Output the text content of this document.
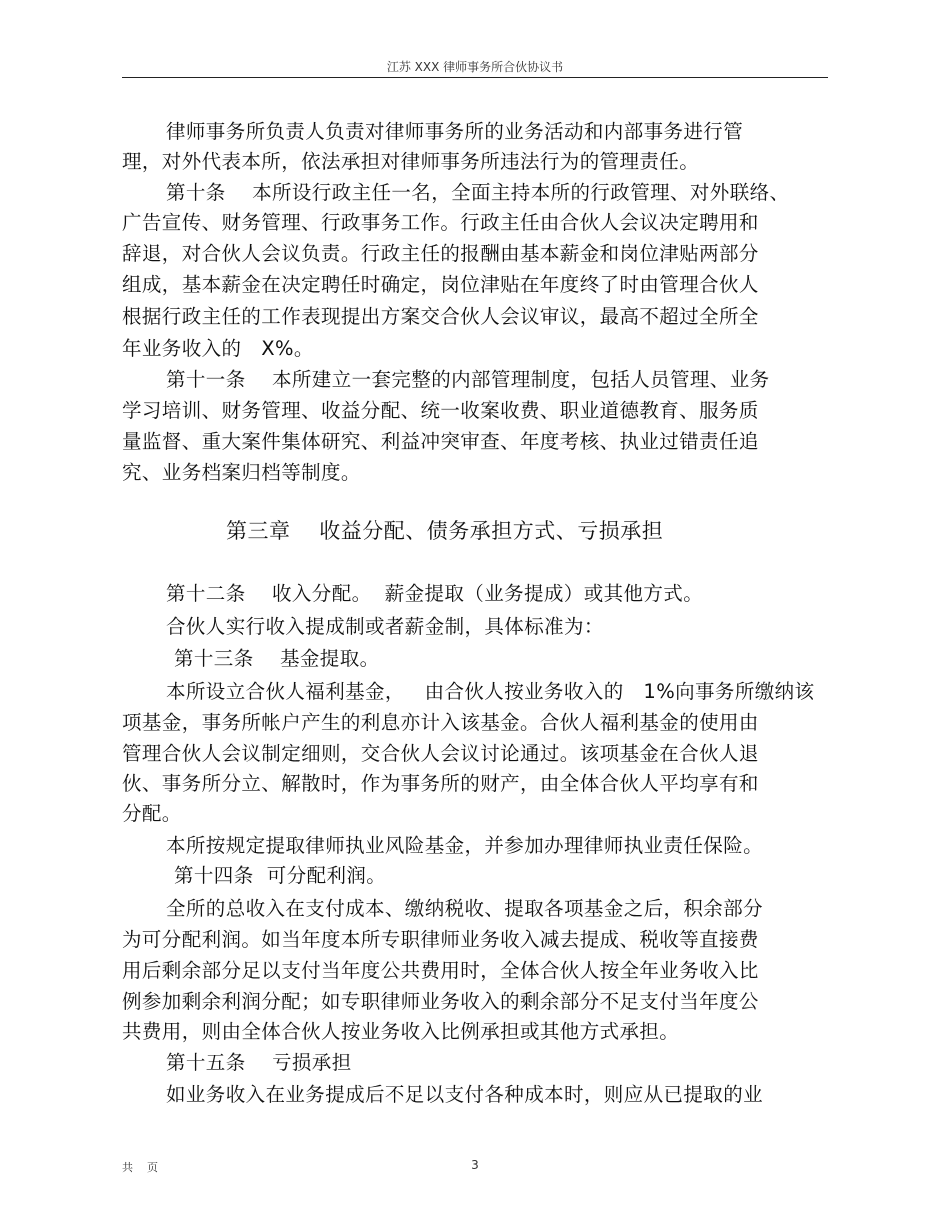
江苏 XXX 律师事务所合伙协议书
律师事务所负责人负责对律师事务所的业务活动和内部事务进行管
理，对外代表本所，依法承担对律师事务所违法行为的管理责任。
第十条    本所设行政主任一名，全面主持本所的行政管理、对外联络、
广告宣传、财务管理、行政事务工作。行政主任由合伙人会议决定聘用和
辞退，对合伙人会议负责。行政主任的报酬由基本薪金和岗位津贴两部分
组成，基本薪金在决定聘任时确定，岗位津贴在年度终了时由管理合伙人
根据行政主任的工作表现提出方案交合伙人会议审议，最高不超过全所全
年业务收入的   X%。
第十一条    本所建立一套完整的内部管理制度，包括人员管理、业务
学习培训、财务管理、收益分配、统一收案收费、职业道德教育、服务质
量监督、重大案件集体研究、利益冲突审查、年度考核、执业过错责任追
究、业务档案归档等制度。
第三章    收益分配、债务承担方式、亏损承担
第十二条    收入分配。  薪金提取（业务提成）或其他方式。
合伙人实行收入提成制或者薪金制，具体标准为：
第十三条    基金提取。
本所设立合伙人福利基金，   由合伙人按业务收入的   1%向事务所缴纳该
项基金，事务所帐户产生的利息亦计入该基金。合伙人福利基金的使用由
管理合伙人会议制定细则，交合伙人会议讨论通过。该项基金在合伙人退
伙、事务所分立、解散时，作为事务所的财产，由全体合伙人平均享有和
分配。
本所按规定提取律师执业风险基金，并参加办理律师执业责任保险。
第十四条  可分配利润。
全所的总收入在支付成本、缴纳税收、提取各项基金之后，积余部分
为可分配利润。如当年度本所专职律师业务收入减去提成、税收等直接费
用后剩余部分足以支付当年度公共费用时，全体合伙人按全年业务收入比
例参加剩余利润分配；如专职律师业务收入的剩余部分不足支付当年度公
共费用，则由全体合伙人按业务收入比例承担或其他方式承担。
第十五条    亏损承担
如业务收入在业务提成后不足以支付各种成本时，则应从已提取的业
共    页	3
